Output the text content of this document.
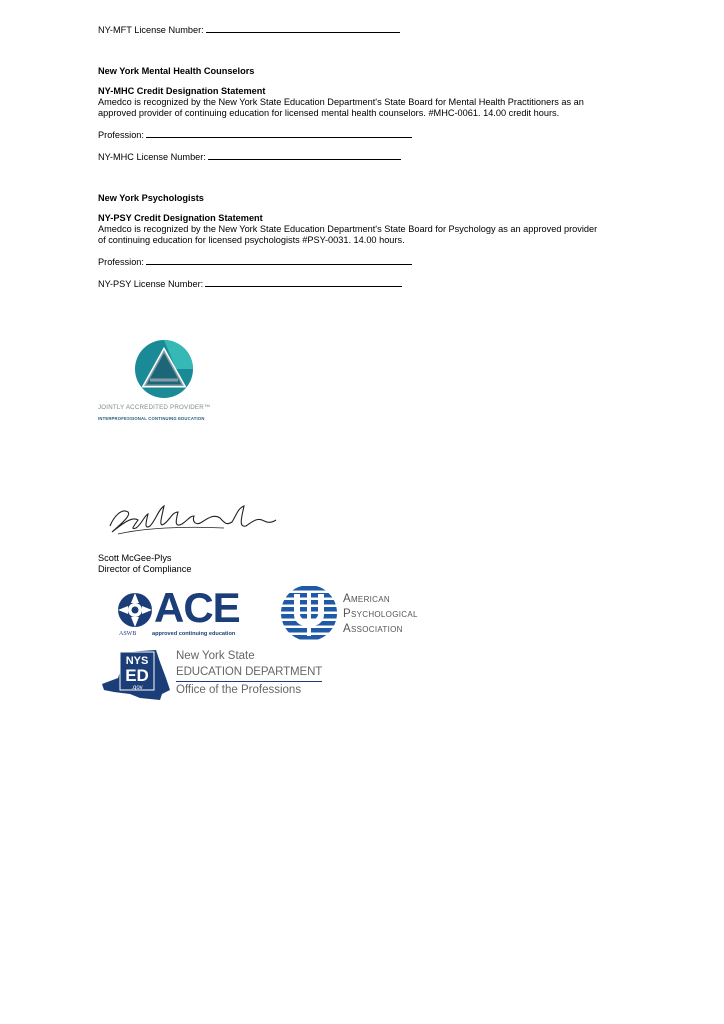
NY-MFT License Number:
New York Mental Health Counselors
NY-MHC Credit Designation Statement
Amedco is recognized by the New York State Education Department's State Board for Mental Health Practitioners as an approved provider of continuing education for licensed mental health counselors. #MHC-0061. 14.00 credit hours.
Profession:
NY-MHC License Number:
New York Psychologists
NY-PSY Credit Designation Statement
Amedco is recognized by the New York State Education Department's State Board for Psychology as an approved provider of continuing education for licensed psychologists #PSY-0031. 14.00 hours.
Profession:
NY-PSY License Number:
JOINTLY ACCREDITED PROVIDER™
INTERPROFESSIONAL CONTINUING EDUCATION
Scott McGee-Plys
Director of Compliance
ACE
ASWB	approved continuing education
American
Psychological
Association
NYS
ED
.gov
New York State
EDUCATION DEPARTMENT
Office of the Professions
